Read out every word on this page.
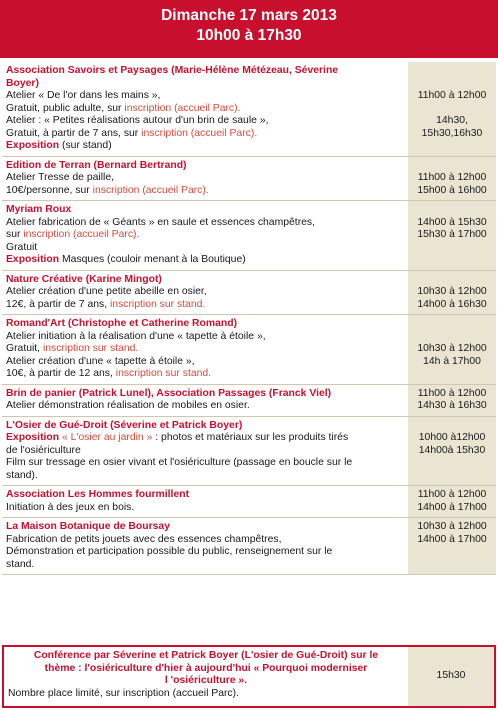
Dimanche 17 mars 2013
10h00 à 17h30
Association Savoirs et Paysages (Marie-Hélène Métézeau, Séverine
Boyer)
Atelier « De l'or dans les mains »,
Gratuit, public adulte, sur inscription (accueil Parc).
Atelier : « Petites réalisations autour d'un brin de saule »,
Gratuit, à partir de 7 ans, sur inscription (accueil Parc).
Exposition (sur stand)
11h00 à 12h00
14h30,
15h30,16h30
Edition de Terran (Bernard Bertrand)
Atelier Tresse de paille,
10€/personne, sur inscription (accueil Parc).
11h00 à 12h00
15h00 à 16h00
Myriam Roux
Atelier fabrication de « Géants » en saule et essences champêtres,
sur inscription (accueil Parc).
Gratuit
Exposition Masques (couloir menant à la Boutique)
14h00 à 15h30
15h30 à 17h00
Nature Créative (Karine Mingot)
Atelier création d'une petite abeille en osier,
12€, à partir de 7 ans, inscription sur stand.
10h30 à 12h00
14h00 à 16h30
Romand'Art (Christophe et Catherine Romand)
Atelier initiation à la réalisation d'une « tapette à étoile »,
Gratuit, inscription sur stand.
Atelier création d'une « tapette à étoile »,
10€, à partir de 12 ans, inscription sur stand.
10h30 à 12h00
14h à 17h00
Brin de panier (Patrick Lunel), Association Passages (Franck Viel)
Atelier démonstration réalisation de mobiles en osier.
11h00 à 12h00
14h30 à 16h30
L'Osier de Gué-Droit (Séverine et Patrick Boyer)
Exposition « L'osier au jardin » : photos et matériaux sur les produits tirés
de l'osiériculture
Film sur tressage en osier vivant et l'osiériculture (passage en boucle sur le
stand).
10h00 à12h00
14h00à 15h30
Association Les Hommes fourmillent
Initiation à des jeux en bois.
11h00 à 12h00
14h00 à 17h00
La Maison Botanique de Boursay
Fabrication de petits jouets avec des essences champêtres,
Démonstration et participation possible du public, renseignement sur le
stand.
10h30 à 12h00
14h00 à 17h00
Conférence par Séverine et Patrick Boyer (L'osier de Gué-Droit) sur le
thème : l'osiériculture d'hier à aujourd'hui « Pourquoi moderniser
l 'osiériculture ».
Nombre place limité, sur inscription (accueil Parc).
15h30
